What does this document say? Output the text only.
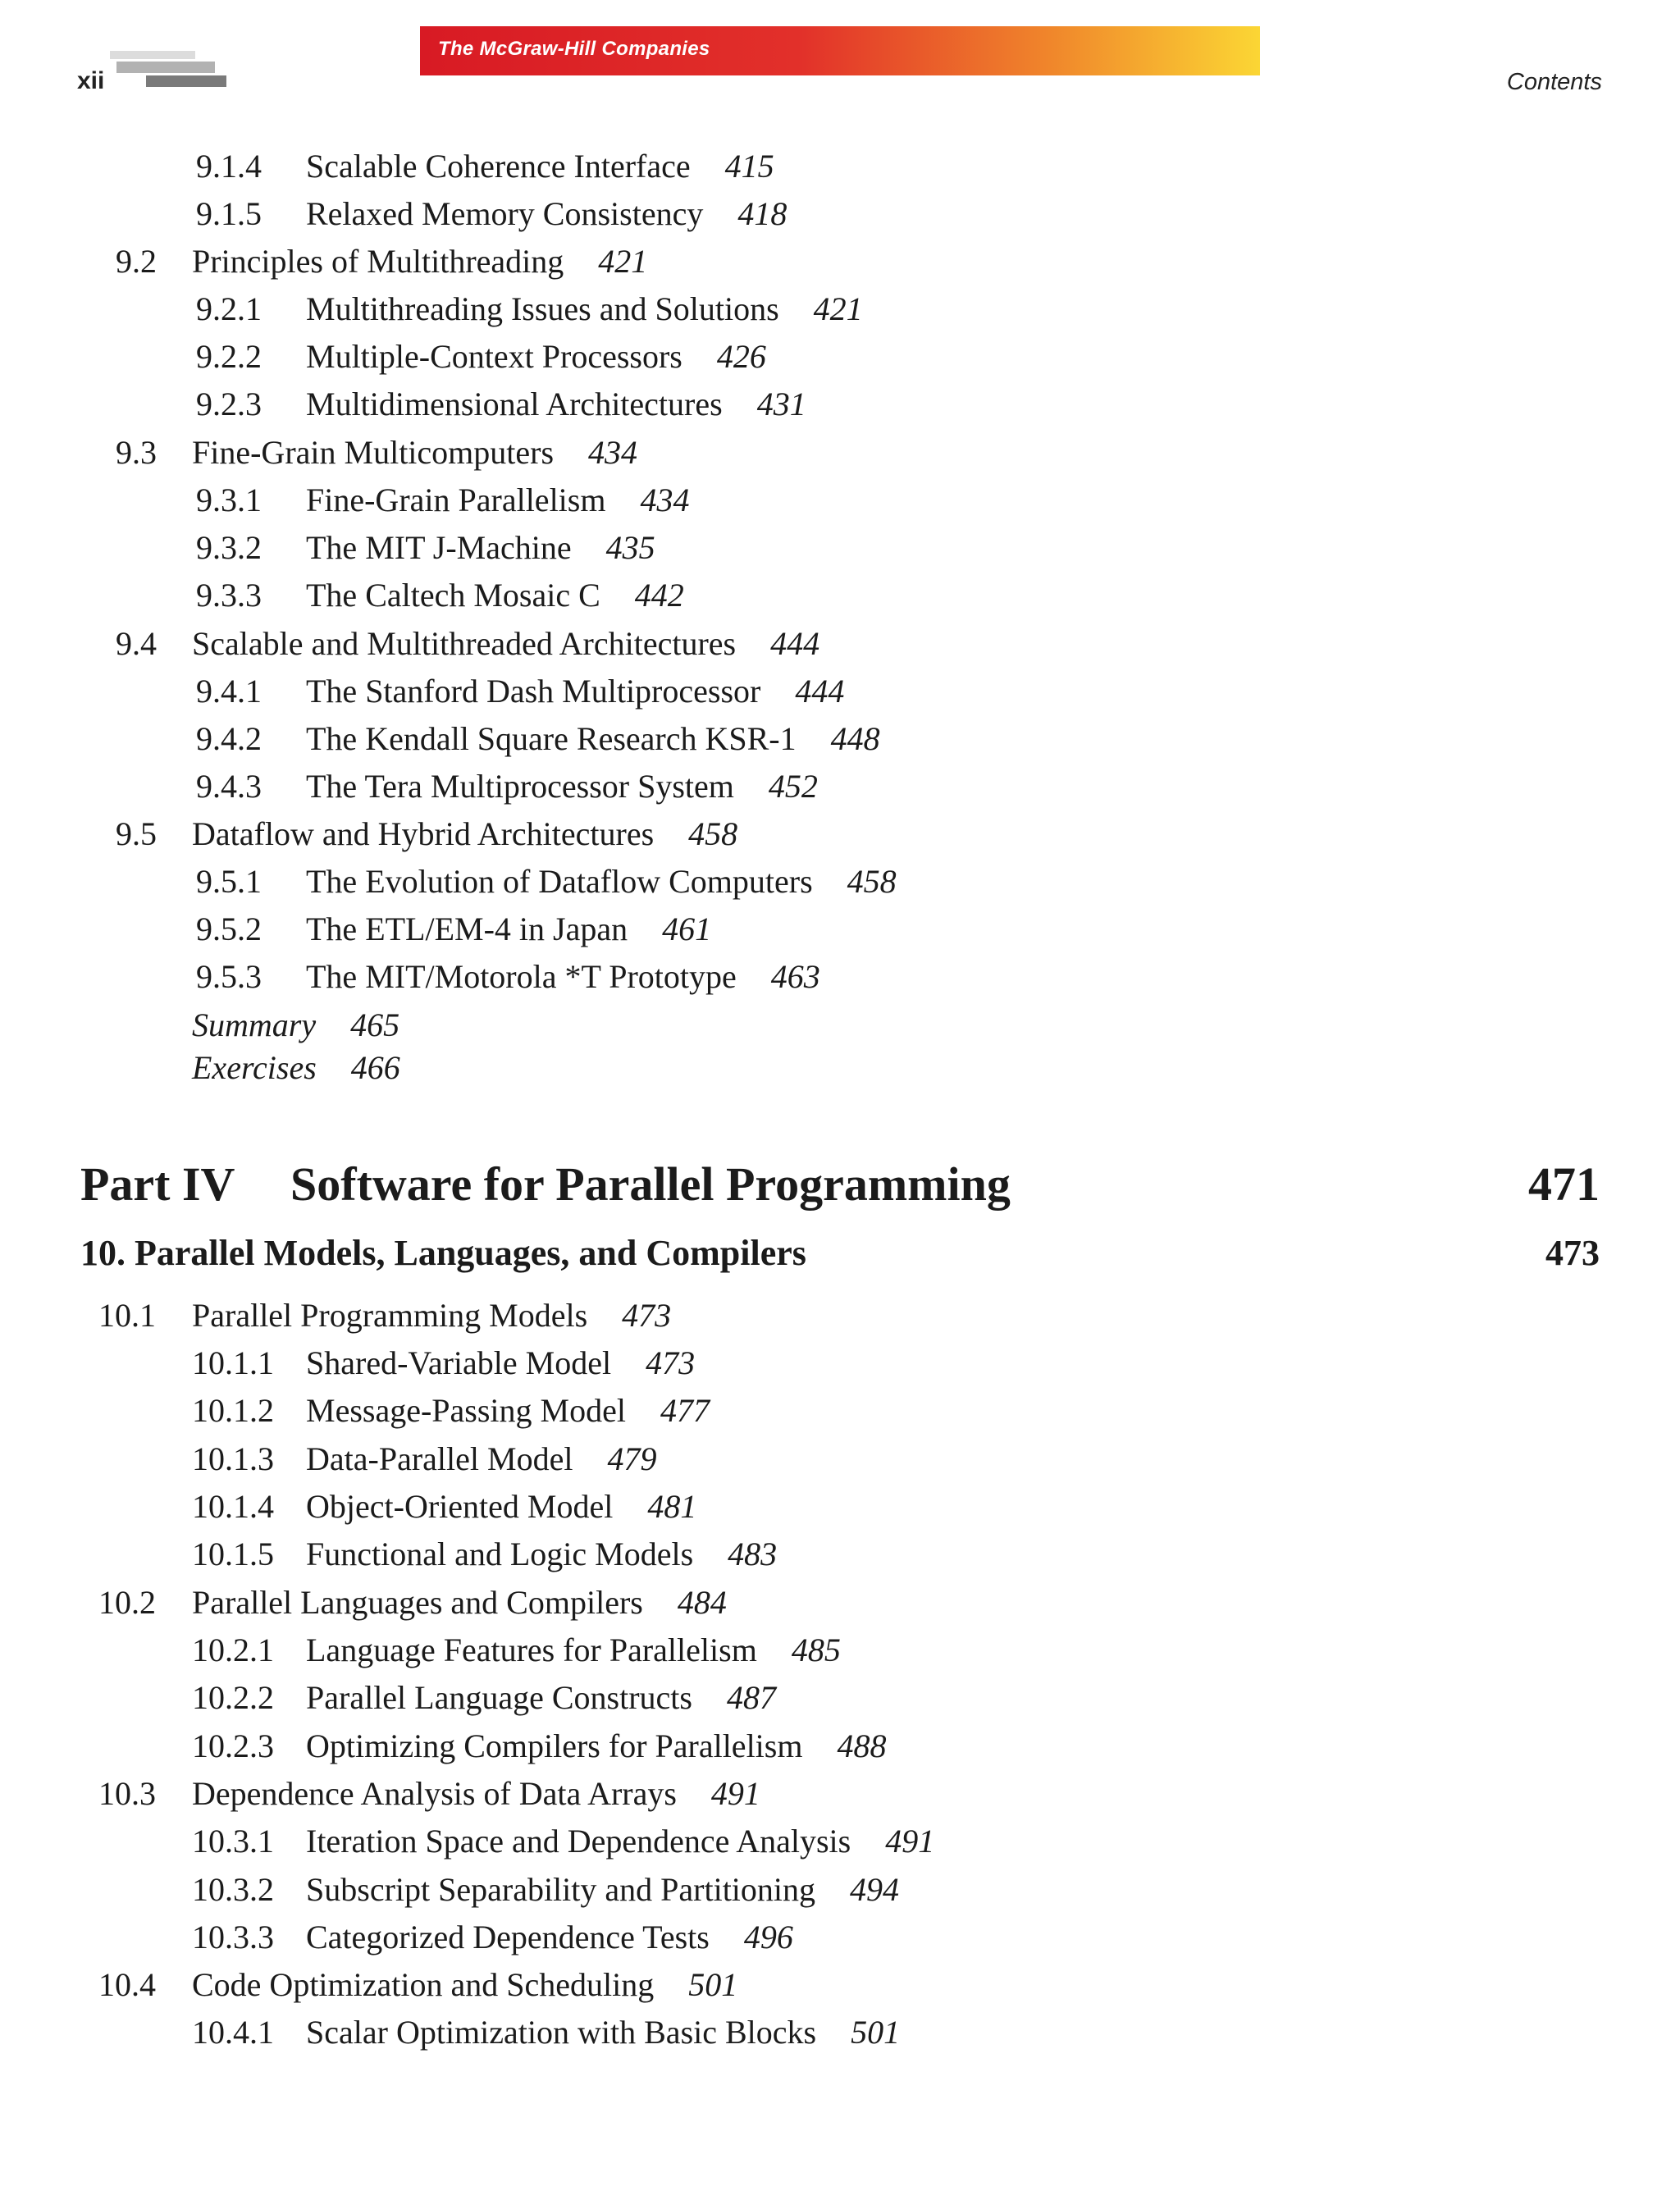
xii
The McGraw-Hill Companies
Contents
9.1.4 Scalable Coherence Interface 415
9.1.5 Relaxed Memory Consistency 418
9.2 Principles of Multithreading 421
9.2.1 Multithreading Issues and Solutions 421
9.2.2 Multiple-Context Processors 426
9.2.3 Multidimensional Architectures 431
9.3 Fine-Grain Multicomputers 434
9.3.1 Fine-Grain Parallelism 434
9.3.2 The MIT J-Machine 435
9.3.3 The Caltech Mosaic C 442
9.4 Scalable and Multithreaded Architectures 444
9.4.1 The Stanford Dash Multiprocessor 444
9.4.2 The Kendall Square Research KSR-1 448
9.4.3 The Tera Multiprocessor System 452
9.5 Dataflow and Hybrid Architectures 458
9.5.1 The Evolution of Dataflow Computers 458
9.5.2 The ETL/EM-4 in Japan 461
9.5.3 The MIT/Motorola *T Prototype 463
Summary 465
Exercises 466
Part IV Software for Parallel Programming	471
10. Parallel Models, Languages, and Compilers	473
10.1 Parallel Programming Models 473
10.1.1 Shared-Variable Model 473
10.1.2 Message-Passing Model 477
10.1.3 Data-Parallel Model 479
10.1.4 Object-Oriented Model 481
10.1.5 Functional and Logic Models 483
10.2 Parallel Languages and Compilers 484
10.2.1 Language Features for Parallelism 485
10.2.2 Parallel Language Constructs 487
10.2.3 Optimizing Compilers for Parallelism 488
10.3 Dependence Analysis of Data Arrays 491
10.3.1 Iteration Space and Dependence Analysis 491
10.3.2 Subscript Separability and Partitioning 494
10.3.3 Categorized Dependence Tests 496
10.4 Code Optimization and Scheduling 501
10.4.1 Scalar Optimization with Basic Blocks 501
